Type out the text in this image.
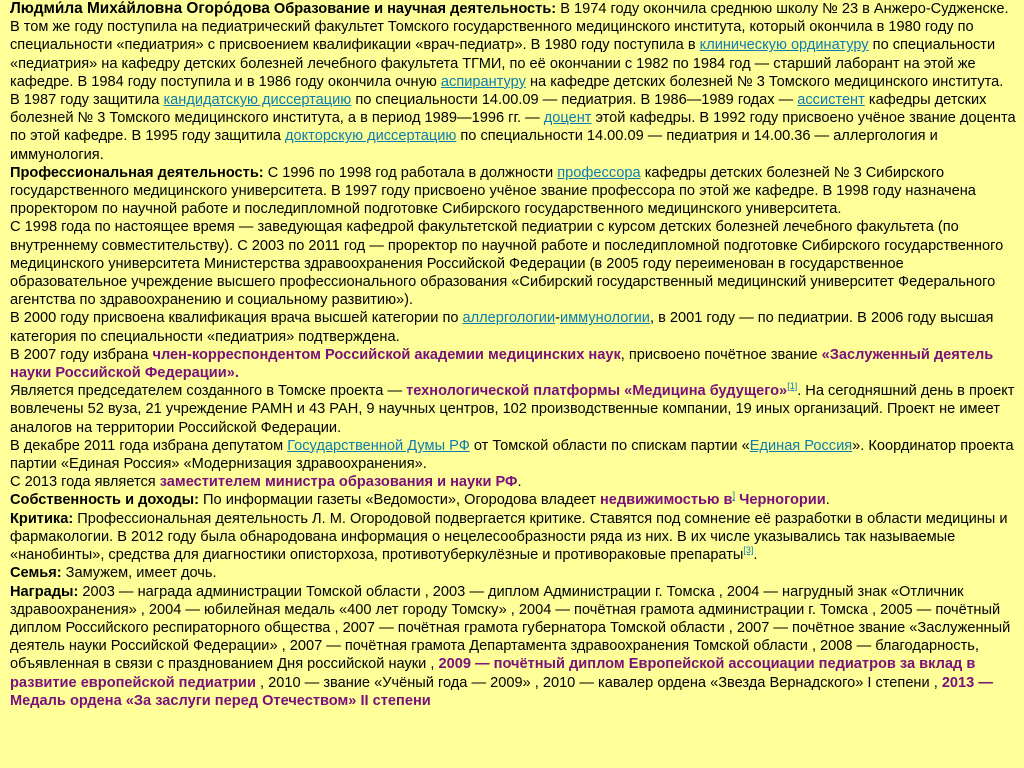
Людми́ла Миха́йловна Огоро́дова Образование и научная деятельность: В 1974 году окончила среднюю школу № 23 в Анжеро-Судженске. В том же году поступила на педиатрический факультет Томского государственного медицинского института, который окончила в 1980 году по специальности «педиатрия» с присвоением квалификации «врач-педиатр». В 1980 году поступила в клиническую ординатуру по специальности «педиатрия» на кафедру детских болезней лечебного факультета ТГМИ, по её окончании с 1982 по 1984 год — старший лаборант на этой же кафедре. В 1984 году поступила и в 1986 году окончила очную аспирантуру на кафедре детских болезней № 3 Томского медицинского института. В 1987 году защитила кандидатскую диссертацию по специальности 14.00.09 — педиатрия. В 1986—1989 годах — ассистент кафедры детских болезней № 3 Томского медицинского института, а в период 1989—1996 гг. — доцент этой кафедры. В 1992 году присвоено учёное звание доцента по этой кафедре. В 1995 году защитила докторскую диссертацию по специальности 14.00.09 — педиатрия и 14.00.36 — аллергология и иммунология.

Профессиональная деятельность: С 1996 по 1998 год работала в должности профессора кафедры детских болезней № 3 Сибирского государственного медицинского университета. В 1997 году присвоено учёное звание профессора по этой же кафедре. В 1998 году назначена проректором по научной работе и последипломной подготовке Сибирского государственного медицинского университета.

С 1998 года по настоящее время — заведующая кафедрой факультетской педиатрии с курсом детских болезней лечебного факультета (по внутреннему совместительству). С 2003 по 2011 год — проректор по научной работе и последипломной подготовке Сибирского государственного медицинского университета Министерства здравоохранения Российской Федерации (в 2005 году переименован в государственное образовательное учреждение высшего профессионального образования «Сибирский государственный медицинский университет Федерального агентства по здравоохранению и социальному развитию»).

В 2000 году присвоена квалификация врача высшей категории по аллергологии-иммунологии, в 2001 году — по педиатрии. В 2006 году высшая категория по специальности «педиатрия» подтверждена.

В 2007 году избрана член-корреспондентом Российской академии медицинских наук, присвоено почётное звание «Заслуженный деятель науки Российской Федерации».

Является председателем созданного в Томске проекта — технологической платформы «Медицина будущего»[1]. На сегодняшний день в проект вовлечены 52 вуза, 21 учреждение РАМН и 43 РАН, 9 научных центров, 102 производственные компании, 19 иных организаций. Проект не имеет аналогов на территории Российской Федерации.

В декабре 2011 года избрана депутатом Государственной Думы РФ от Томской области по спискам партии «Единая Россия». Координатор проекта партии «Единая Россия» «Модернизация здравоохранения».

С 2013 года является заместителем министра образования и науки РФ.

Собственность и доходы: По информации газеты «Ведомости», Огородова владеет недвижимостью в] Черногории.

Критика: Профессиональная деятельность Л. М. Огородовой подвергается критике. Ставятся под сомнение её разработки в области медицины и фармакологии. В 2012 году была обнародована информация о нецелесообразности ряда из них. В их числе указывались так называемые «нанобинты», средства для диагностики описторхоза, противотуберкулёзные и противораковые препараты[3].

Семья: Замужем, имеет дочь.

Награды: 2003 — награда администрации Томской области , 2003 — диплом Администрации г. Томска , 2004 — нагрудный знак «Отличник здравоохранения» , 2004 — юбилейная медаль «400 лет городу Томску» , 2004 — почётная грамота администрации г. Томска , 2005 — почётный диплом Российского респираторного общества , 2007 — почётная грамота губернатора Томской области , 2007 — почётное звание «Заслуженный деятель науки Российской Федерации» , 2007 — почётная грамота Департамента здравоохранения Томской области , 2008 — благодарность, объявленная в связи с празднованием Дня российской науки , 2009 — почётный диплом Европейской ассоциации педиатров за вклад в развитие европейской педиатрии , 2010 — звание «Учёный года — 2009» , 2010 — кавалер ордена «Звезда Вернадского» I степени , 2013 — Медаль ордена «За заслуги перед Отечеством» II степени
